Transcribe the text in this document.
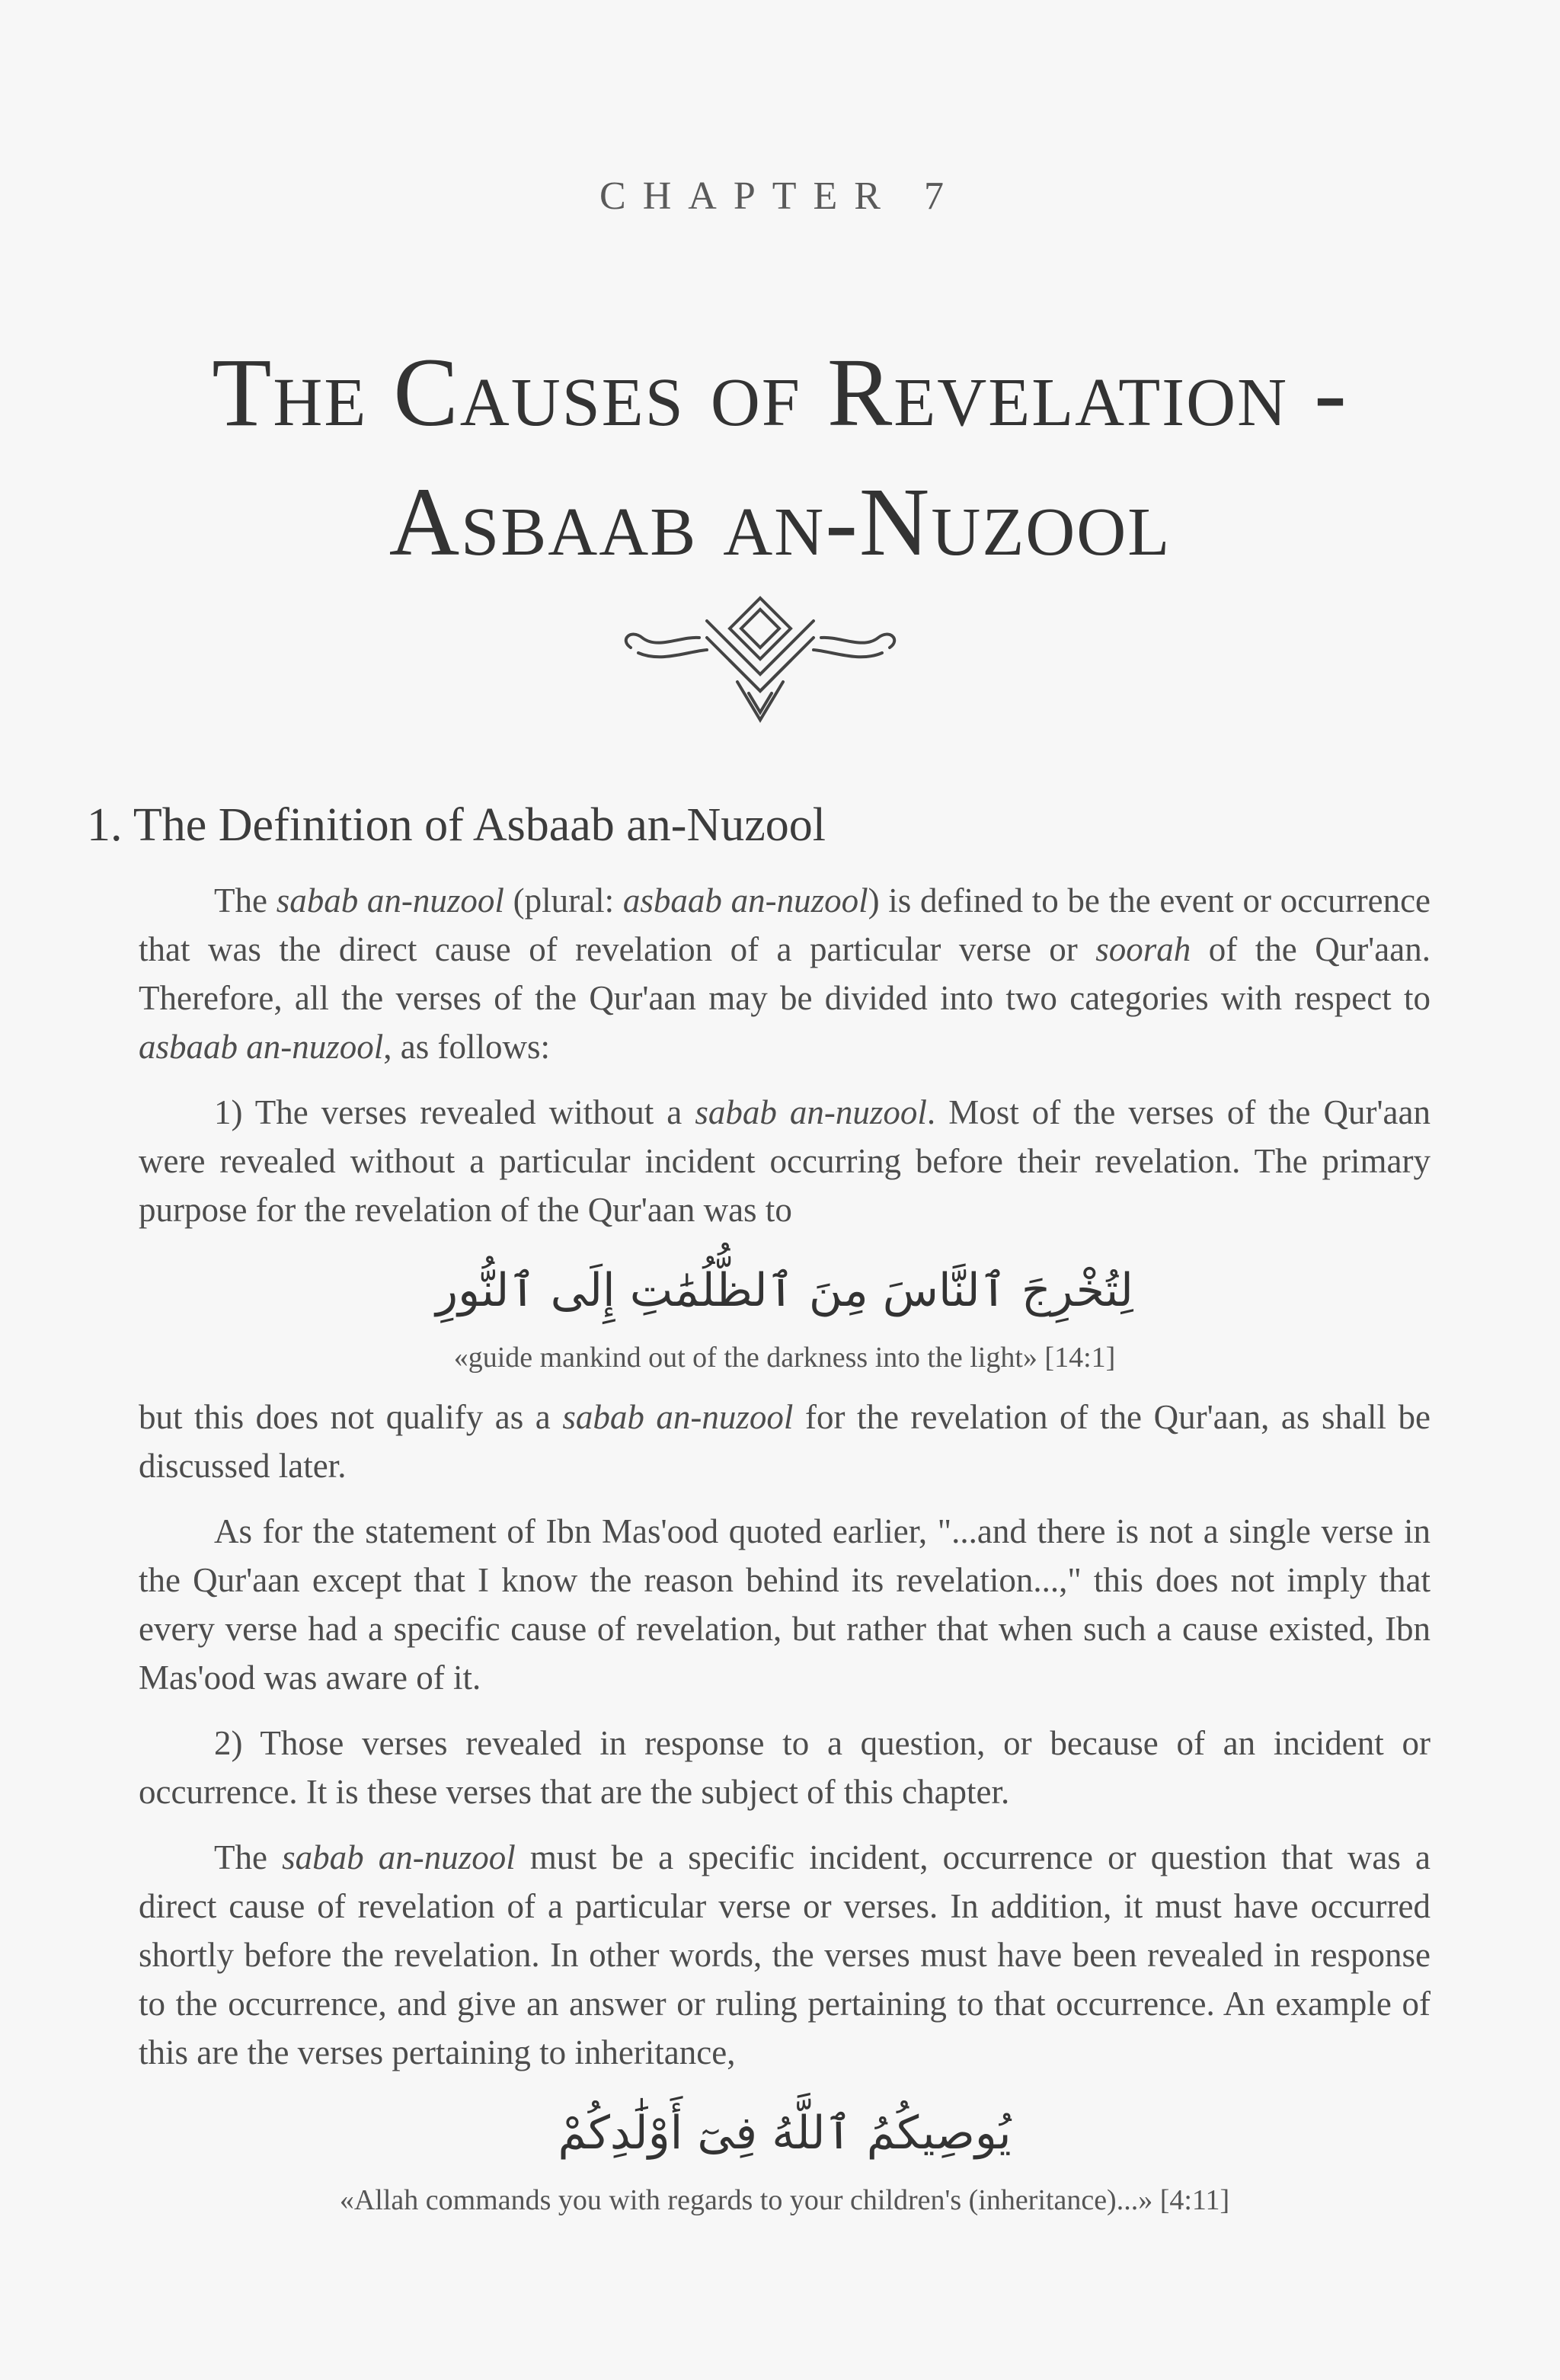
CHAPTER 7
The Causes of Revelation -
Asbaab an-Nuzool
1. The Definition of Asbaab an-Nuzool

The sabab an-nuzool (plural: asbaab an-nuzool) is defined to be the event or occurrence that was the direct cause of revelation of a particular verse or soorah of the Qur'aan. Therefore, all the verses of the Qur'aan may be divided into two categories with respect to asbaab an-nuzool, as follows:

1) The verses revealed without a sabab an-nuzool. Most of the verses of the Qur'aan were revealed without a particular incident occurring before their revelation. The primary purpose for the revelation of the Qur'aan was to

لِتُخْرِجَ ٱلنَّاسَ مِنَ ٱلظُّلُمَٰتِ إِلَى ٱلنُّورِ
«guide mankind out of the darkness into the light» [14:1]

but this does not qualify as a sabab an-nuzool for the revelation of the Qur'aan, as shall be discussed later.

As for the statement of Ibn Mas'ood quoted earlier, "...and there is not a single verse in the Qur'aan except that I know the reason behind its revelation...," this does not imply that every verse had a specific cause of revelation, but rather that when such a cause existed, Ibn Mas'ood was aware of it.

2) Those verses revealed in response to a question, or because of an incident or occurrence. It is these verses that are the subject of this chapter.

The sabab an-nuzool must be a specific incident, occurrence or question that was a direct cause of revelation of a particular verse or verses. In addition, it must have occurred shortly before the revelation. In other words, the verses must have been revealed in response to the occurrence, and give an answer or ruling pertaining to that occurrence. An example of this are the verses pertaining to inheritance,

يُوصِيكُمُ ٱللَّهُ فِىٓ أَوْلَٰدِكُمْ
«Allah commands you with regards to your children's (inheritance)...» [4:11]
